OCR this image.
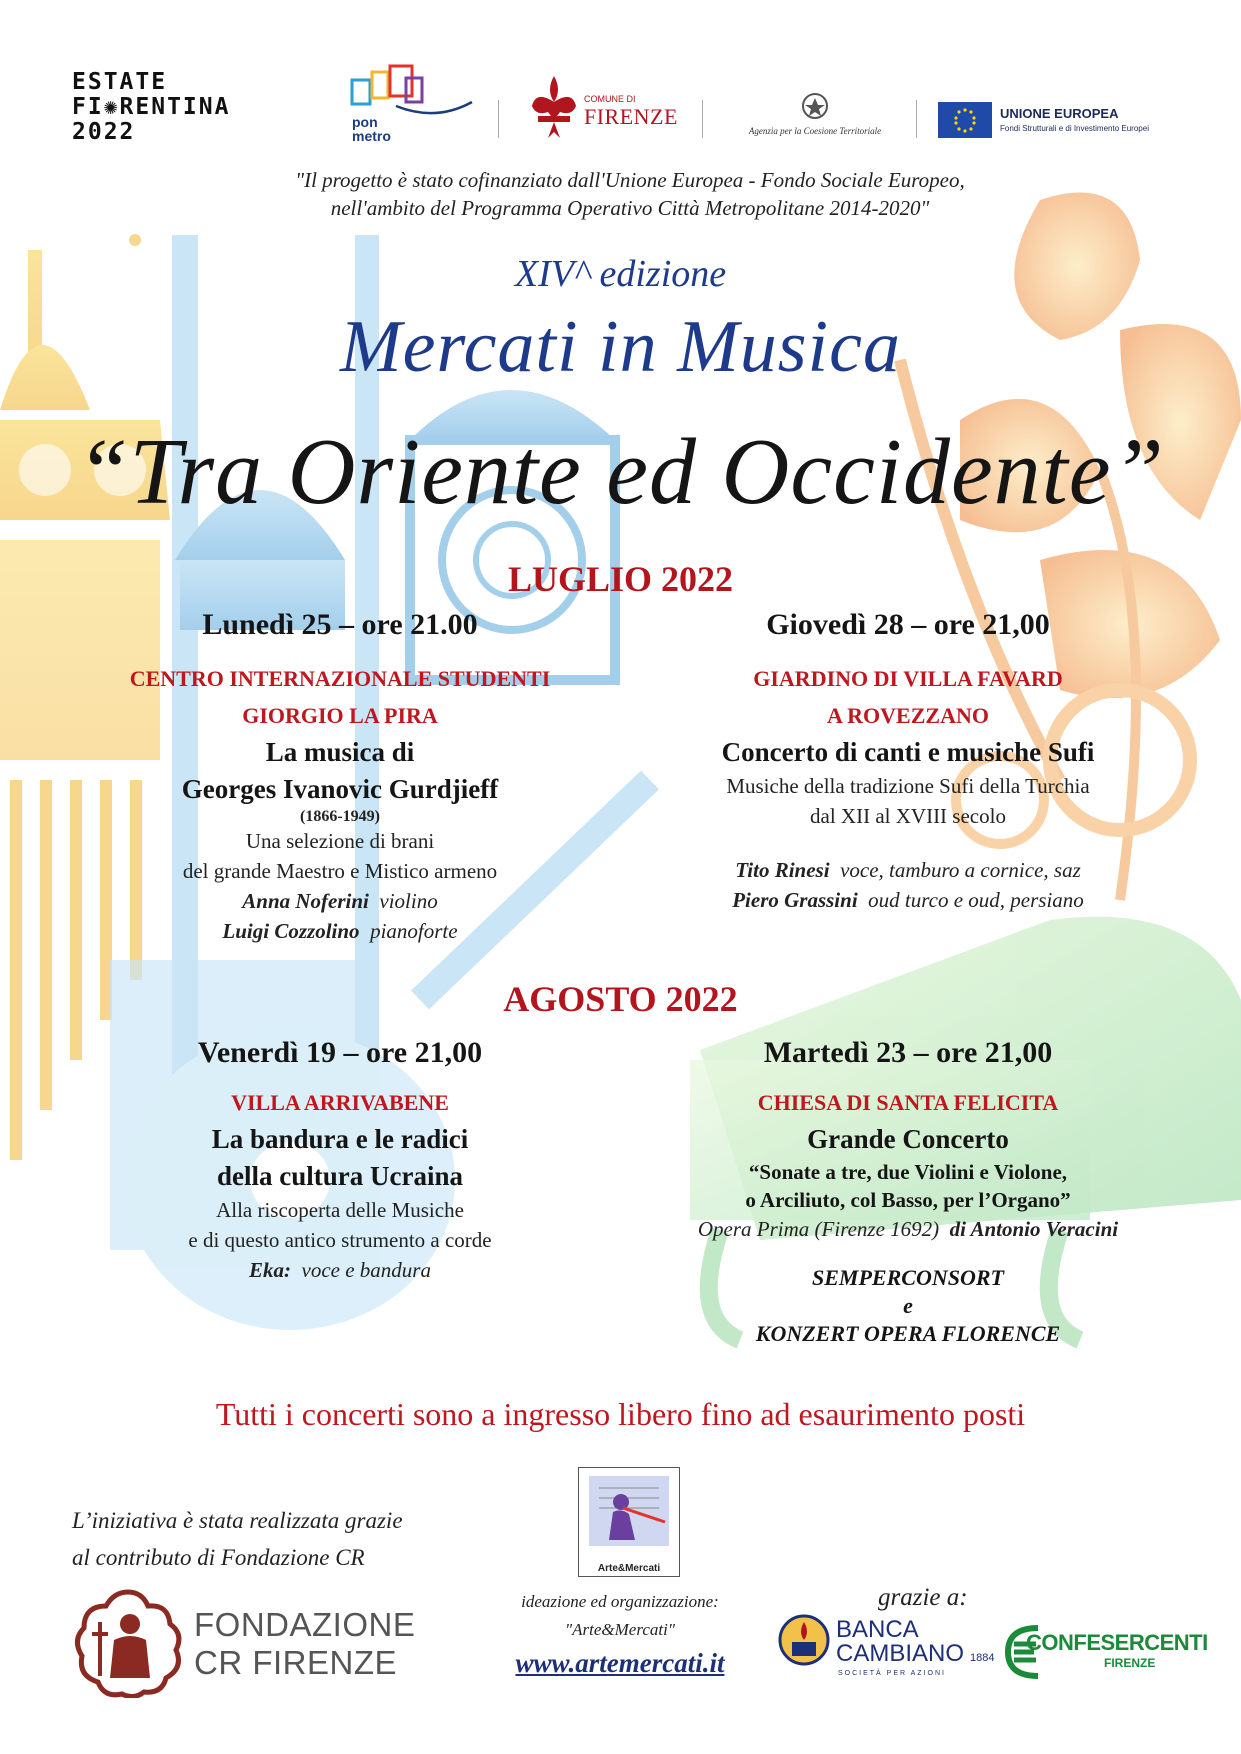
ESTATE
FI✺RENTINA
2022	pon
metro
COMUNE DI
FIRENZE
Agenzia per la Coesione Territoriale
UNIONE EUROPEA
Fondi Strutturali e di Investimento Europei
"Il progetto è stato cofinanziato dall'Unione Europea - Fondo Sociale Europeo,
nell'ambito del Programma Operativo Città Metropolitane 2014-2020"
XIV^ edizione
Mercati in Musica
“Tra Oriente ed Occidente”
LUGLIO 2022
Lunedì 25 – ore 21.00
CENTRO INTERNAZIONALE STUDENTI
GIORGIO LA PIRA
La musica di
Georges Ivanovic Gurdjieff
(1866-1949)
Una selezione di brani
del grande Maestro e Mistico armeno
Anna Noferini violino
Luigi Cozzolino pianoforte
Giovedì 28 – ore 21,00
GIARDINO DI VILLA FAVARD
A ROVEZZANO
Concerto di canti e musiche Sufi
Musiche della tradizione Sufi della Turchia
dal XII al XVIII secolo
Tito Rinesi voce, tamburo a cornice, saz
Piero Grassini oud turco e oud, persiano
AGOSTO 2022
Venerdì 19 – ore 21,00
VILLA ARRIVABENE
La bandura e le radici
della cultura Ucraina
Alla riscoperta delle Musiche
e di questo antico strumento a corde
Eka: voce e bandura
Martedì 23 – ore 21,00
CHIESA DI SANTA FELICITA
Grande Concerto
“Sonate a tre, due Violini e Violone,
o Arciliuto, col Basso, per l’Organo”
Opera Prima (Firenze 1692) di Antonio Veracini
SEMPERCONSORT
e
KONZERT OPERA FLORENCE
Tutti i concerti sono a ingresso libero fino ad esaurimento posti
L’iniziativa è stata realizzata grazie
al contributo di Fondazione CR
FONDAZIONE
CR FIRENZE
Arte&Mercati
ideazione ed organizzazione:
"Arte&Mercati"
www.artemercati.it
grazie a:
BANCA
CAMBIANO 1884
SOCIETÀ PER AZIONI
CONFESERCENTI
FIRENZE
